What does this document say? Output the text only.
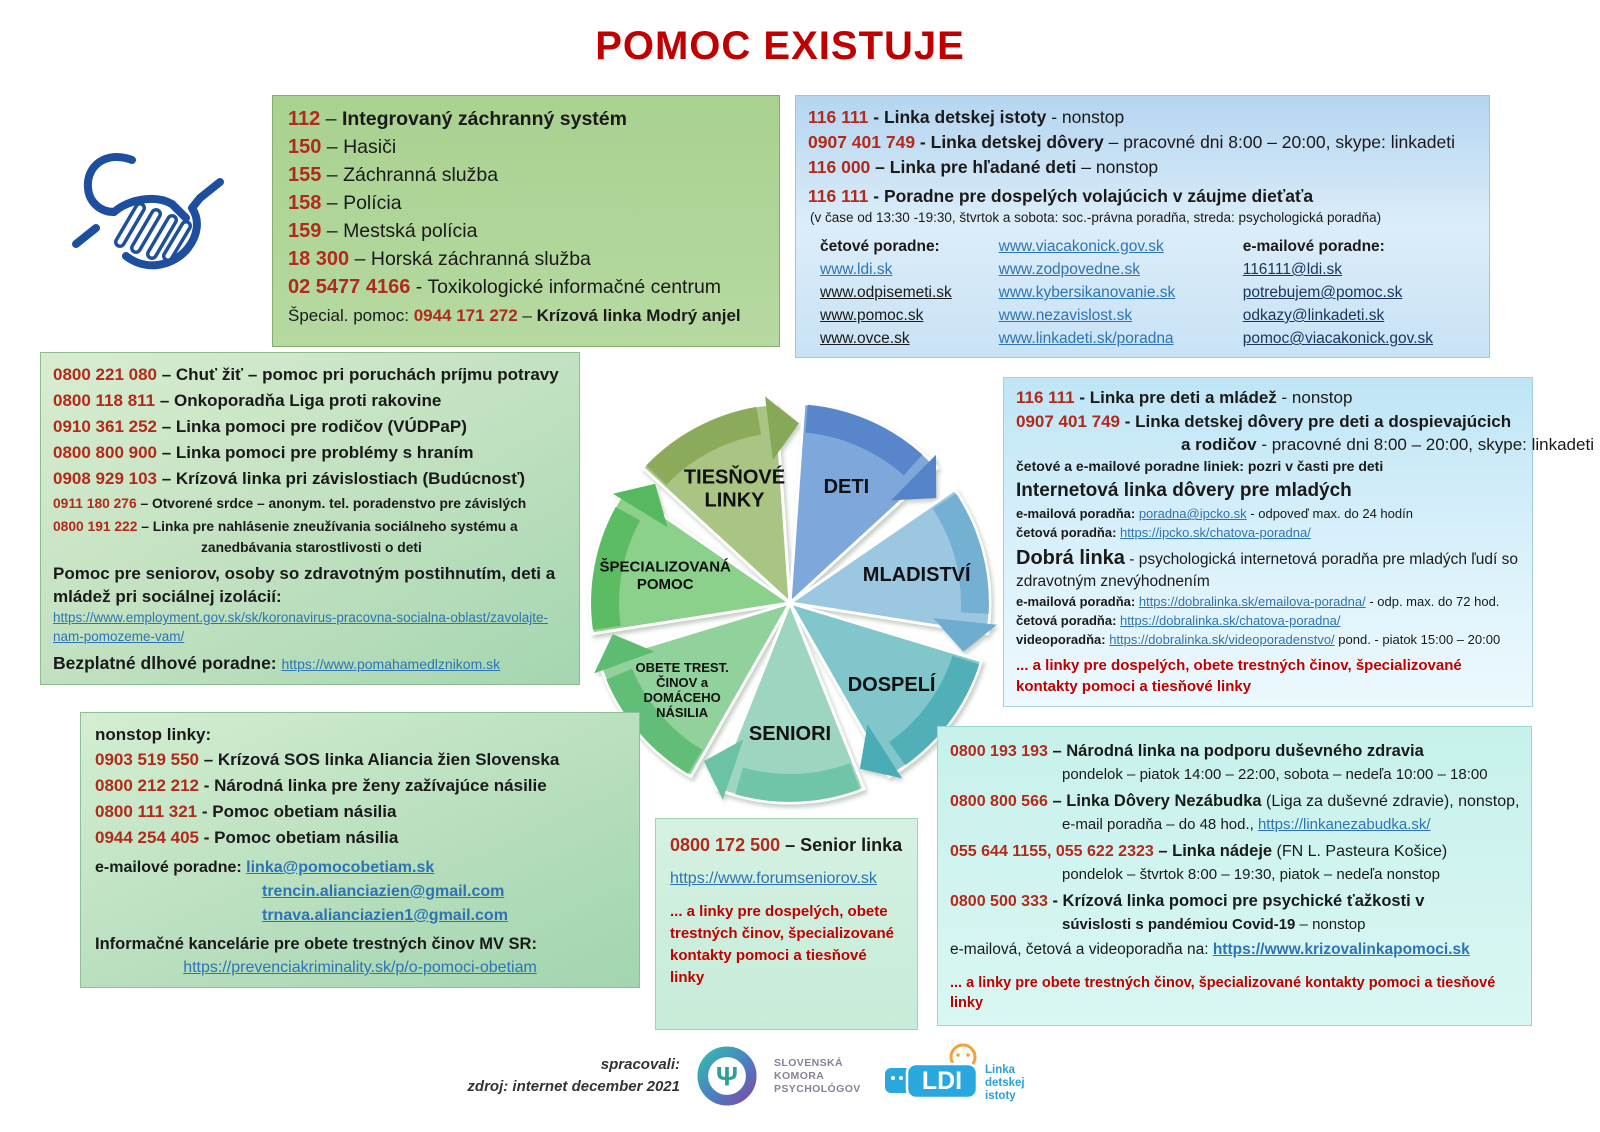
POMOC EXISTUJE
112 – Integrovaný záchranný systém
150 – Hasiči
155 – Záchranná služba
158 – Polícia
159 – Mestská polícia
18 300 – Horská záchranná služba
02 5477 4166 - Toxikologické informačné centrum
Špecial. pomoc: 0944 171 272 – Krízová linka Modrý anjel
116 111 - Linka detskej istoty - nonstop
0907 401 749 - Linka detskej dôvery – pracovné dni 8:00 – 20:00, skype: linkadeti
116 000 – Linka pre hľadané deti – nonstop
116 111 - Poradne pre dospelých volajúcich v záujme dieťaťa
(v čase od 13:30 -19:30, štvrtok a sobota: soc.-právna poradňa, streda: psychologická poradňa)
četové poradne:
www.ldi.sk
www.odpisemeti.sk
www.pomoc.sk
www.ovce.sk
www.viacakonick.gov.sk
www.zodpovedne.sk
www.kybersikanovanie.sk
www.nezavislost.sk
www.linkadeti.sk/poradna
e-mailové poradne:
116111@ldi.sk
potrebujem@pomoc.sk
odkazy@linkadeti.sk
pomoc@viacakonick.gov.sk
0800 221 080 – Chuť žiť – pomoc pri poruchách príjmu potravy
0800 118 811 – Onkoporadňa Liga proti rakovine
0910 361 252 – Linka pomoci pre rodičov (VÚDPaP)
0800 800 900 – Linka pomoci pre problémy s hraním
0908 929 103 – Krízová linka pri závislostiach (Budúcnosť)
0911 180 276 – Otvorené srdce – anonym. tel. poradenstvo pre závislých
0800 191 222 – Linka pre nahlásenie zneužívania sociálneho systému a zanedbávania starostlivosti o deti
Pomoc pre seniorov, osoby so zdravotným postihnutím, deti a mládež pri sociálnej izolácií:
https://www.employment.gov.sk/sk/koronavirus-pracovna-socialna-oblast/zavolajte-nam-pomozeme-vam/
Bezplatné dlhové poradne: https://www.pomahamedlznikom.sk
DETI
MLADISTVÍ
DOSPELÍ
SENIORI
OBETE TREST. ČINOV a DOMÁCEHO NÁSILIA
ŠPECIALIZOVANÁ POMOC
TIESŇOVÉ LINKY
116 111 - Linka pre deti a mládež - nonstop
0907 401 749 - Linka detskej dôvery pre deti a dospievajúcich
a rodičov - pracovné dni 8:00 – 20:00, skype: linkadeti
četové a e-mailové poradne liniek: pozri v časti pre deti
Internetová linka dôvery pre mladých
e-mailová poradňa: poradna@ipcko.sk - odpoveď max. do 24 hodín
četová poradňa: https://ipcko.sk/chatova-poradna/
Dobrá linka - psychologická internetová poradňa pre mladých ľudí so
zdravotným znevýhodnením
e-mailová poradňa: https://dobralinka.sk/emailova-poradna/ - odp. max. do 72 hod.
četová poradňa: https://dobralinka.sk/chatova-poradna/
videoporadňa: https://dobralinka.sk/videoporadenstvo/ pond. - piatok 15:00 – 20:00
... a linky pre dospelých, obete trestných činov, špecializované kontakty pomoci a tiesňové linky
nonstop linky:
0903 519 550 – Krízová SOS linka Aliancia žien Slovenska
0800 212 212 - Národná linka pre ženy zažívajúce násilie
0800 111 321 - Pomoc obetiam násilia
0944 254 405 - Pomoc obetiam násilia
e-mailové poradne: linka@pomocobetiam.sk
trencin.alianciazien@gmail.com
trnava.alianciazien1@gmail.com
Informačné kancelárie pre obete trestných činov MV SR:
https://prevenciakriminality.sk/p/o-pomoci-obetiam
0800 172 500 – Senior linka
https://www.forumseniorov.sk
... a linky pre dospelých, obete trestných činov, špecializované kontakty pomoci a tiesňové linky
0800 193 193 – Národná linka na podporu duševného zdravia
pondelok – piatok 14:00 – 22:00, sobota – nedeľa 10:00 – 18:00
0800 800 566 – Linka Dôvery Nezábudka (Liga za duševné zdravie), nonstop,
e-mail poradňa – do 48 hod., https://linkanezabudka.sk/
055 644 1155, 055 622 2323 – Linka nádeje (FN L. Pasteura Košice)
pondelok – štvrtok 8:00 – 19:30, piatok – nedeľa nonstop
0800 500 333 - Krízová linka pomoci pre psychické ťažkosti v
súvislosti s pandémiou Covid-19 – nonstop
e-mailová, četová a videoporadňa na: https://www.krizovalinkapomoci.sk
... a linky pre obete trestných činov, špecializované kontakty pomoci a tiesňové linky
spracovali:
zdroj: internet december 2021 Ψ	SLOVENSKÁ
KOMORA
PSYCHOLÓGOV LDI Linka detskej istoty
